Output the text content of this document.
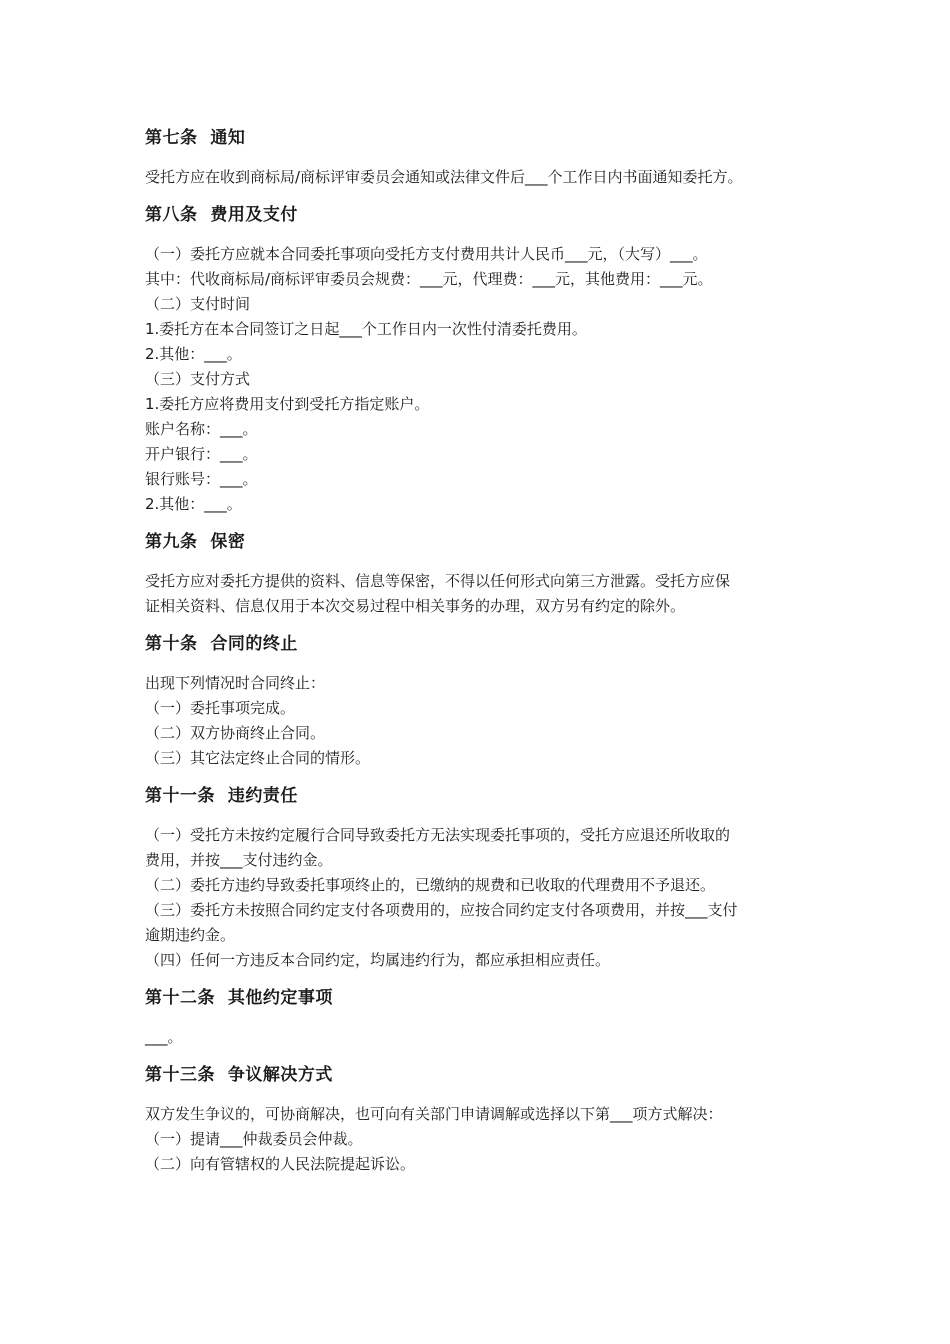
第七条  通知
受托方应在收到商标局/商标评审委员会通知或法律文件后___个工作日内书面通知委托方。
第八条  费用及支付
（一）委托方应就本合同委托事项向受托方支付费用共计人民币___元，（大写）___。
其中：代收商标局/商标评审委员会规费：___元，代理费：___元，其他费用：___元。
（二）支付时间
1.委托方在本合同签订之日起___个工作日内一次性付清委托费用。
2.其他：___。
（三）支付方式
1.委托方应将费用支付到受托方指定账户。
账户名称：___。
开户银行：___。
银行账号：___。
2.其他：___。
第九条  保密
受托方应对委托方提供的资料、信息等保密，不得以任何形式向第三方泄露。受托方应保
证相关资料、信息仅用于本次交易过程中相关事务的办理，双方另有约定的除外。
第十条  合同的终止
出现下列情况时合同终止：
（一）委托事项完成。
（二）双方协商终止合同。
（三）其它法定终止合同的情形。
第十一条  违约责任
（一）受托方未按约定履行合同导致委托方无法实现委托事项的，受托方应退还所收取的
费用，并按___支付违约金。
（二）委托方违约导致委托事项终止的，已缴纳的规费和已收取的代理费用不予退还。
（三）委托方未按照合同约定支付各项费用的，应按合同约定支付各项费用，并按___支付
逾期违约金。
（四）任何一方违反本合同约定，均属违约行为，都应承担相应责任。
第十二条  其他约定事项
___。
第十三条  争议解决方式
双方发生争议的，可协商解决，也可向有关部门申请调解或选择以下第___项方式解决：
（一）提请___仲裁委员会仲裁。
（二）向有管辖权的人民法院提起诉讼。
